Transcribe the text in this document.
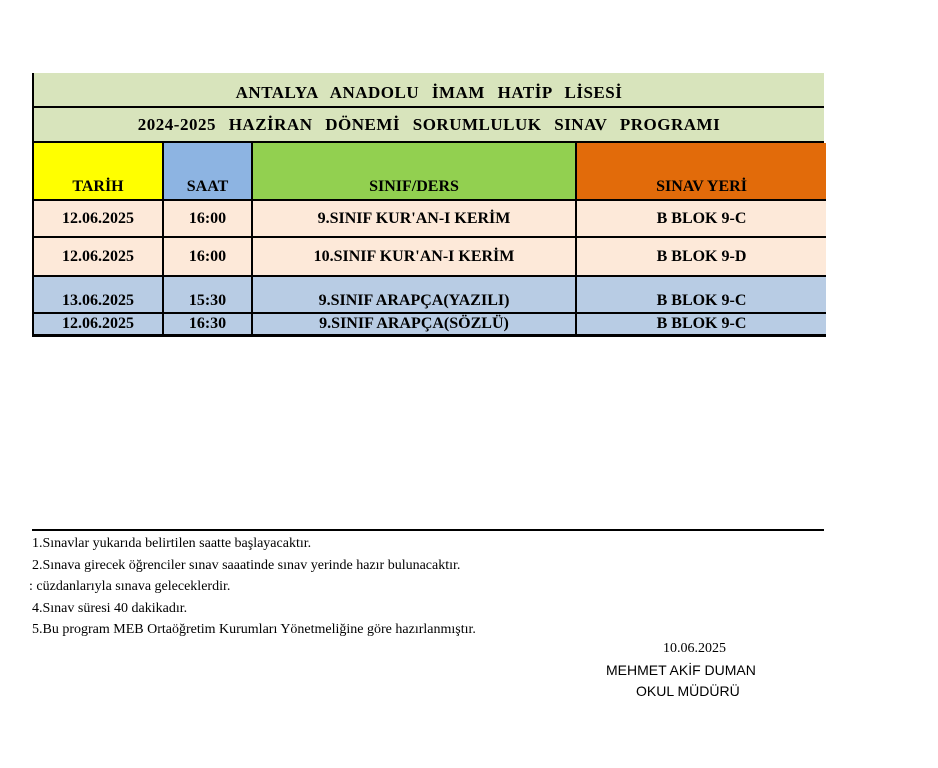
ANTALYA ANADOLU İMAM HATİP LİSESİ
2024-2025 HAZİRAN DÖNEMİ SORUMLULUK SINAV PROGRAMI
TARİH	SAAT	SINIF/DERS	SINAV YERİ
12.06.2025	16:00	9.SINIF KUR'AN-I KERİM	B BLOK 9-C
12.06.2025	16:00	10.SINIF KUR'AN-I KERİM	B BLOK 9-D
13.06.2025	15:30	9.SINIF ARAPÇA(YAZILI)	B BLOK 9-C
12.06.2025	16:30	9.SINIF ARAPÇA(SÖZLÜ)	B BLOK 9-C
1.Sınavlar yukarıda belirtilen saatte başlayacaktır.
2.Sınava girecek öğrenciler sınav saaatinde sınav yerinde hazır bulunacaktır.
: cüzdanlarıyla sınava geleceklerdir.
4.Sınav süresi 40 dakikadır.
5.Bu program MEB Ortaöğretim Kurumları Yönetmeliğine göre hazırlanmıştır.
10.06.2025
MEHMET AKİF DUMAN
OKUL MÜDÜRÜ
